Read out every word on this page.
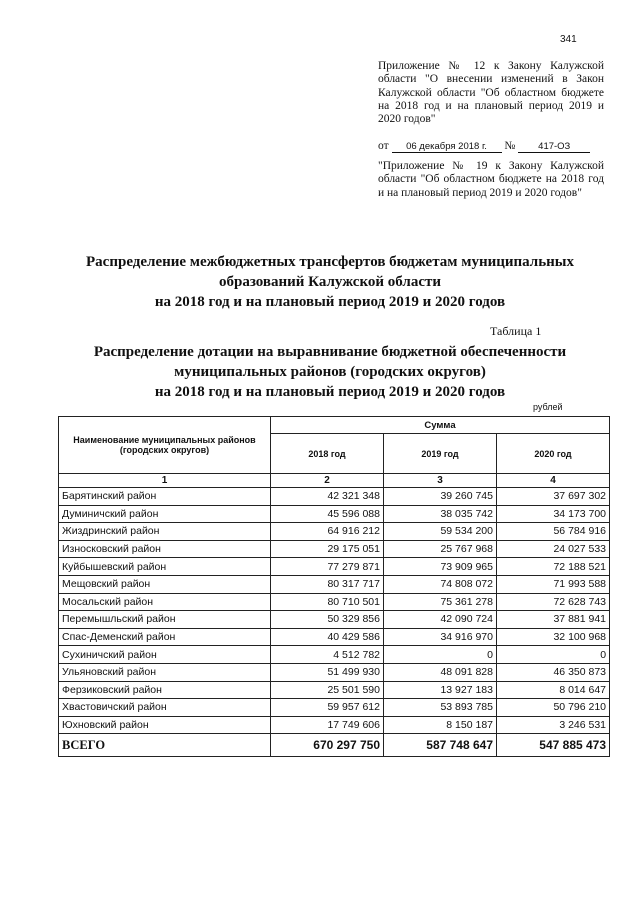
341
Приложение № 12 к Закону Калужской области "О внесении изменений в Закон Калужской области "Об областном бюджете на 2018 год и на плановый период 2019 и 2020 годов"
от 06 декабря 2018 г. № 417-ОЗ
"Приложение № 19 к Закону Калужской области "Об областном бюджете на 2018 год и на плановый период 2019 и 2020 годов"
Распределение межбюджетных трансфертов бюджетам муниципальных
образований Калужской области
на 2018 год и на плановый период 2019 и 2020 годов
Таблица 1
Распределение дотации на выравнивание бюджетной обеспеченности
муниципальных районов (городских округов)
на 2018 год и на плановый период 2019 и 2020 годов
рублей
Наименование муниципальных районов (городских округов)	Сумма		
	2018 год	2019 год	2020 год
1	2	3	4
Барятинский район	42 321 348	39 260 745	37 697 302
Думиничский район	45 596 088	38 035 742	34 173 700
Жиздринский район	64 916 212	59 534 200	56 784 916
Износковский район	29 175 051	25 767 968	24 027 533
Куйбышевский район	77 279 871	73 909 965	72 188 521
Мещовский район	80 317 717	74 808 072	71 993 588
Мосальский район	80 710 501	75 361 278	72 628 743
Перемышльский район	50 329 856	42 090 724	37 881 941
Спас-Деменский район	40 429 586	34 916 970	32 100 968
Сухиничский район	4 512 782	0	0
Ульяновский район	51 499 930	48 091 828	46 350 873
Ферзиковский район	25 501 590	13 927 183	8 014 647
Хвастовичский район	59 957 612	53 893 785	50 796 210
Юхновский район	17 749 606	8 150 187	3 246 531
ВСЕГО	670 297 750	587 748 647	547 885 473
